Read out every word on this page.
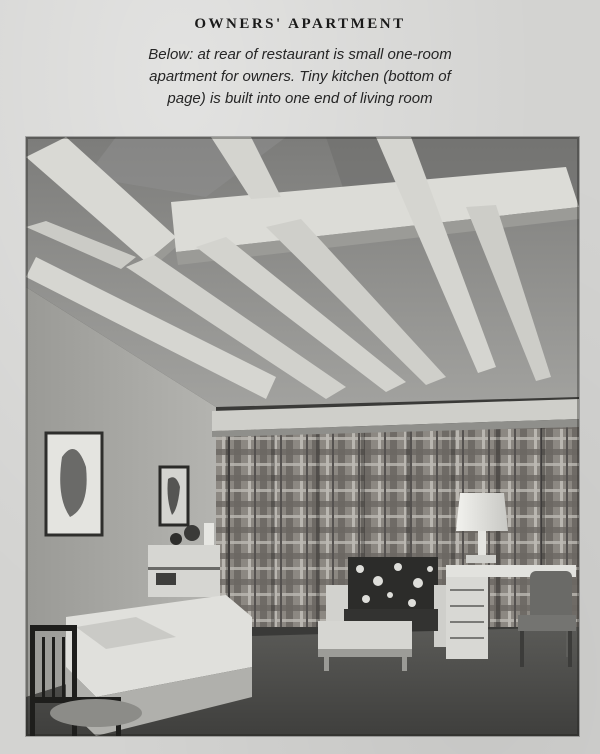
OWNERS' APARTMENT

Below: at rear of restaurant is small one-room
apartment for owners. Tiny kitchen (bottom of
page) is built into one end of living room
